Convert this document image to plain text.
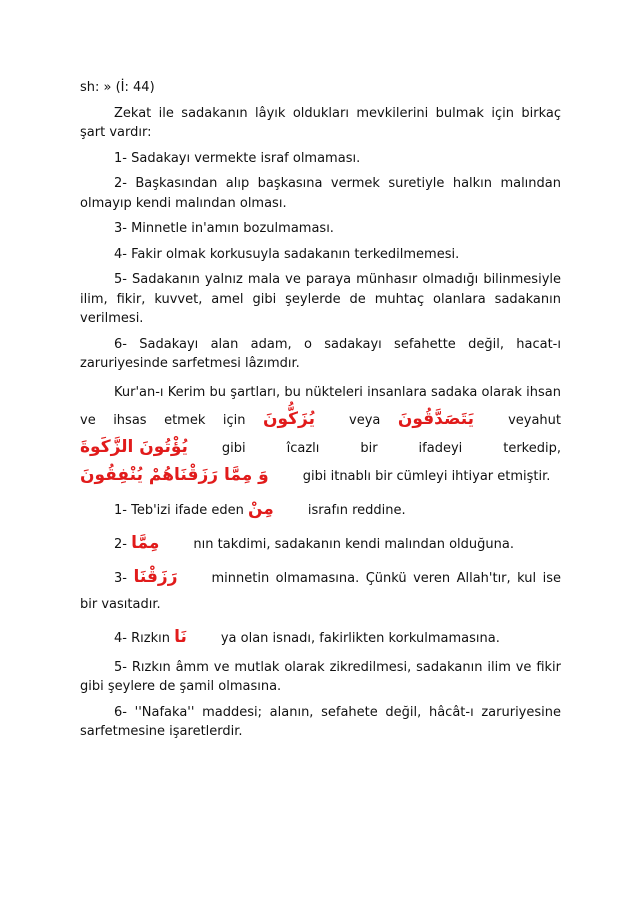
sh: » (İ: 44)

Zekat ile sadakanın lâyık oldukları mevkilerini bulmak için birkaç şart vardır:

1- Sadakayı vermekte israf olmaması.

2- Başkasından alıp başkasına vermek suretiyle halkın malından olmayıp kendi malından olması.

3- Minnetle in'amın bozulmaması.

4- Fakir olmak korkusuyla sadakanın terkedilmemesi.

5- Sadakanın yalnız mala ve paraya münhasır olmadığı bilinmesiyle ilim, fikir, kuvvet, amel gibi şeylerde de muhtaç olanlara sadakanın verilmesi.

6- Sadakayı alan adam, o sadakayı sefahette değil, hacat-ı zaruriyesinde sarfetmesi lâzımdır.

Kur'an-ı Kerim bu şartları, bu nükteleri insanlara sadaka olarak ihsan ve ihsas etmek için يُزَكُّونَ	veya يَتَصَدَّقُونَ	veyahut يُؤْتُونَ الزَّكَوةَ	gibi îcazlı bir ifadeyi terkedip, وَ مِمَّا رَزَقْنَاهُمْ يُنْفِقُونَ	gibi itnablı bir cümleyi ihtiyar etmiştir.

1- Teb'izi ifade eden مِنْ	israfın reddine.

2- مِمَّا	nın takdimi, sadakanın kendi malından olduğuna.

3- رَزَقْنَا	minnetin olmamasına. Çünkü veren Allah'tır, kul ise bir vasıtadır.

4- Rızkın نَا	ya olan isnadı, fakirlikten korkulmamasına.

5- Rızkın âmm ve mutlak olarak zikredilmesi, sadakanın ilim ve fikir gibi şeylere de şamil olmasına.

6- ''Nafaka'' maddesi; alanın, sefahete değil, hâcât-ı zaruriyesine sarfetmesine işaretlerdir.
